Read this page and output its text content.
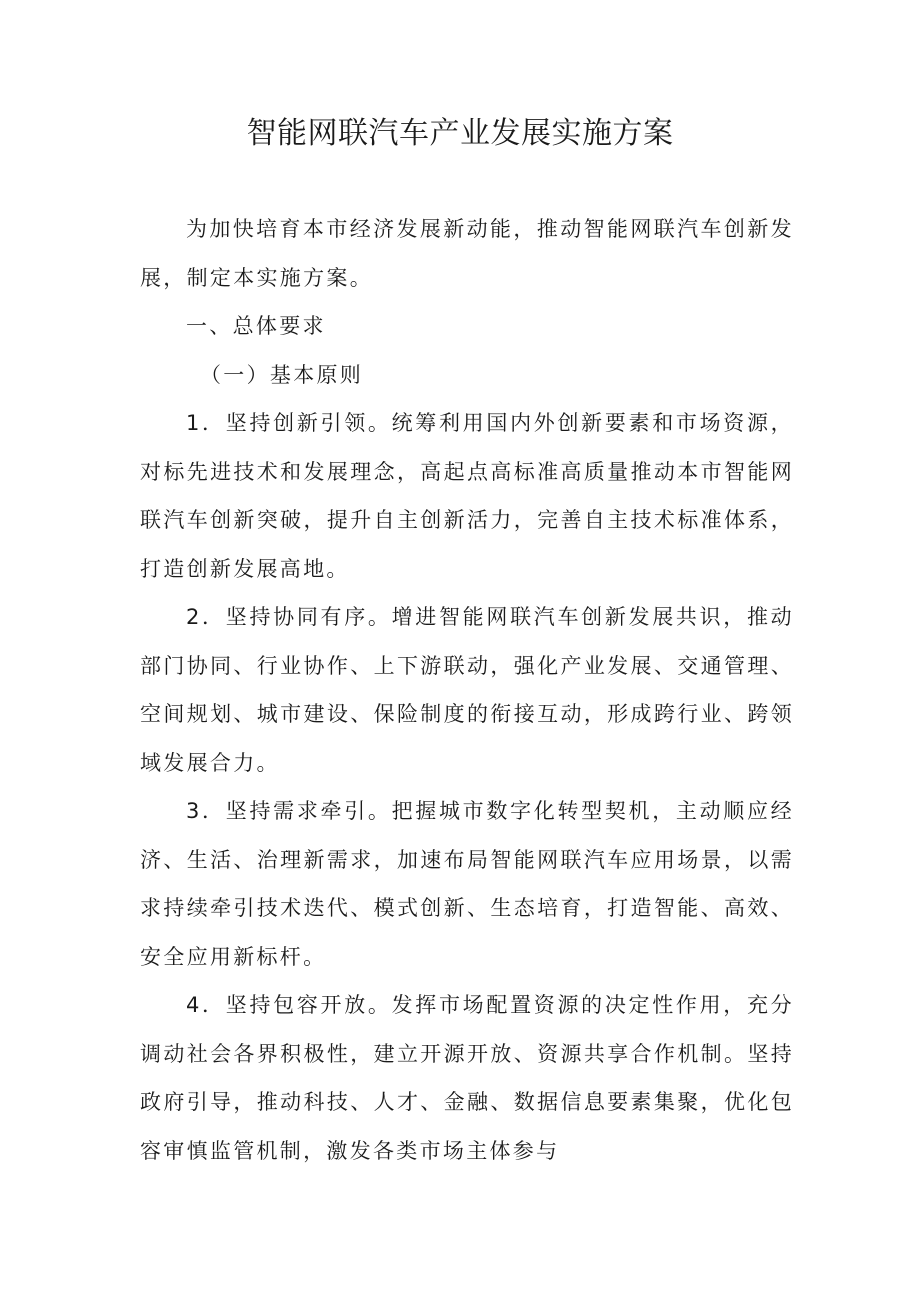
智能网联汽车产业发展实施方案

为加快培育本市经济发展新动能，推动智能网联汽车创新发展，制定本实施方案。

一、总体要求

（一）基本原则

1．坚持创新引领。统筹利用国内外创新要素和市场资源，对标先进技术和发展理念，高起点高标准高质量推动本市智能网联汽车创新突破，提升自主创新活力，完善自主技术标准体系，打造创新发展高地。

2．坚持协同有序。增进智能网联汽车创新发展共识，推动部门协同、行业协作、上下游联动，强化产业发展、交通管理、空间规划、城市建设、保险制度的衔接互动，形成跨行业、跨领域发展合力。

3．坚持需求牵引。把握城市数字化转型契机，主动顺应经济、生活、治理新需求，加速布局智能网联汽车应用场景，以需求持续牵引技术迭代、模式创新、生态培育，打造智能、高效、安全应用新标杆。

4．坚持包容开放。发挥市场配置资源的决定性作用，充分调动社会各界积极性，建立开源开放、资源共享合作机制。坚持政府引导，推动科技、人才、金融、数据信息要素集聚，优化包容审慎监管机制，激发各类市场主体参与
